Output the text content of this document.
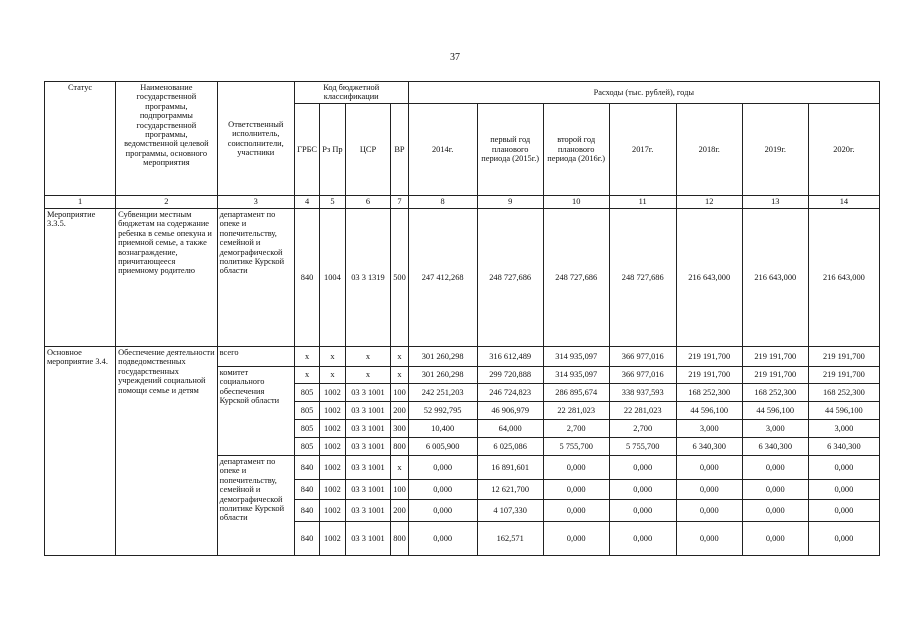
37
Статус	Наименование государственной программы, подпрограммы государственной программы, ведомственной целевой программы, основного мероприятия	Ответственный исполнитель, соисполнители, участники	Код бюджетной классификации				Расходы (тыс. рублей), годы						
			ГРБС	Рз Пр	ЦСР	ВР	2014г.	первый год планового периода (2015г.)	второй год планового периода (2016г.)	2017г.	2018г.	2019г.	2020г.
1	2	3	4	5	6	7	8	9	10	11	12	13	14
Мероприятие 3.3.5.	Субвенции местным бюджетам на содержание ребенка в семье опекуна и приемной семье, а также вознаграждение, причитающееся приемному родителю	департамент по опеке и попечительству, семейной и демографической политике Курской области	840	1004	03 3 1319	500	247 412,268	248 727,686	248 727,686	248 727,686	216 643,000	216 643,000	216 643,000
Основное мероприятие 3.4.	Обеспечение деятельности подведомственных государственных учреждений социальной помощи семье и детям	всего	x	x	x	x	301 260,298	316 612,489	314 935,097	366 977,016	219 191,700	219 191,700	219 191,700
		комитет социального обеспечения Курской области	x	x	x	x	301 260,298	299 720,888	314 935,097	366 977,016	219 191,700	219 191,700	219 191,700
			805	1002	03 3 1001	100	242 251,203	246 724,823	286 895,674	338 937,593	168 252,300	168 252,300	168 252,300
			805	1002	03 3 1001	200	52 992,795	46 906,979	22 281,023	22 281,023	44 596,100	44 596,100	44 596,100
			805	1002	03 3 1001	300	10,400	64,000	2,700	2,700	3,000	3,000	3,000
			805	1002	03 3 1001	800	6 005,900	6 025,086	5 755,700	5 755,700	6 340,300	6 340,300	6 340,300
		департамент по опеке и попечительству, семейной и демографической политике Курской области	840	1002	03 3 1001	x	0,000	16 891,601	0,000	0,000	0,000	0,000	0,000
			840	1002	03 3 1001	100	0,000	12 621,700	0,000	0,000	0,000	0,000	0,000
			840	1002	03 3 1001	200	0,000	4 107,330	0,000	0,000	0,000	0,000	0,000
			840	1002	03 3 1001	800	0,000	162,571	0,000	0,000	0,000	0,000	0,000
